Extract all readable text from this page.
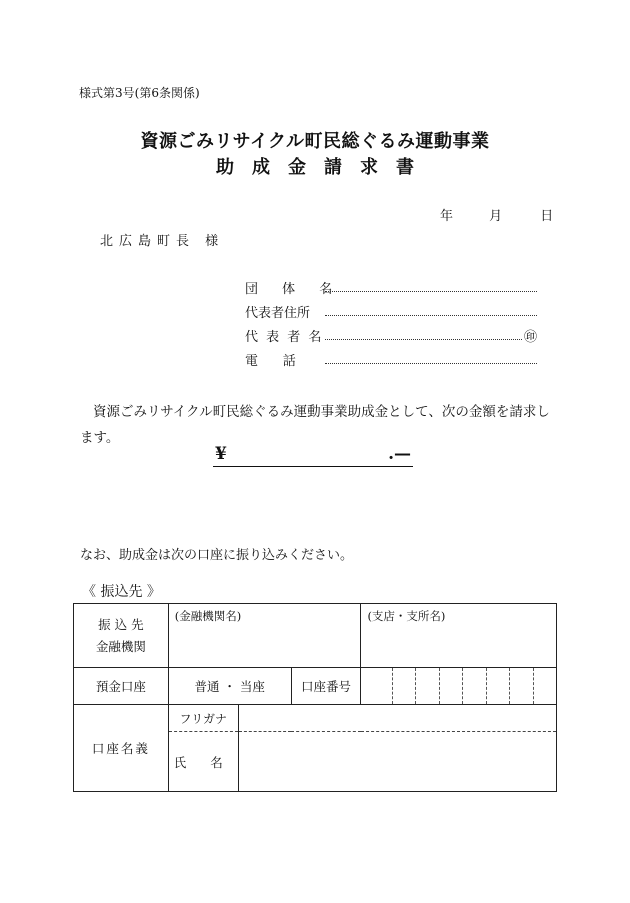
様式第3号(第6条関係)
資源ごみリサイクル町民総ぐるみ運動事業
助成金請求書
年	月	日
北広島町長 様
団 体 名
代表者住所
代 表 者 名	㊞
電      話
資源ごみリサイクル町民総ぐるみ運動事業助成金として、次の金額を請求します。
¥	.—
なお、助成金は次の口座に振り込みください。
《 振込先 》
振 込 先
金融機関	(金融機関名)			(支店・支所名)
預金口座	普通 ・ 当座		口座番号	

口座名義	フリガナ			
	氏 名			
